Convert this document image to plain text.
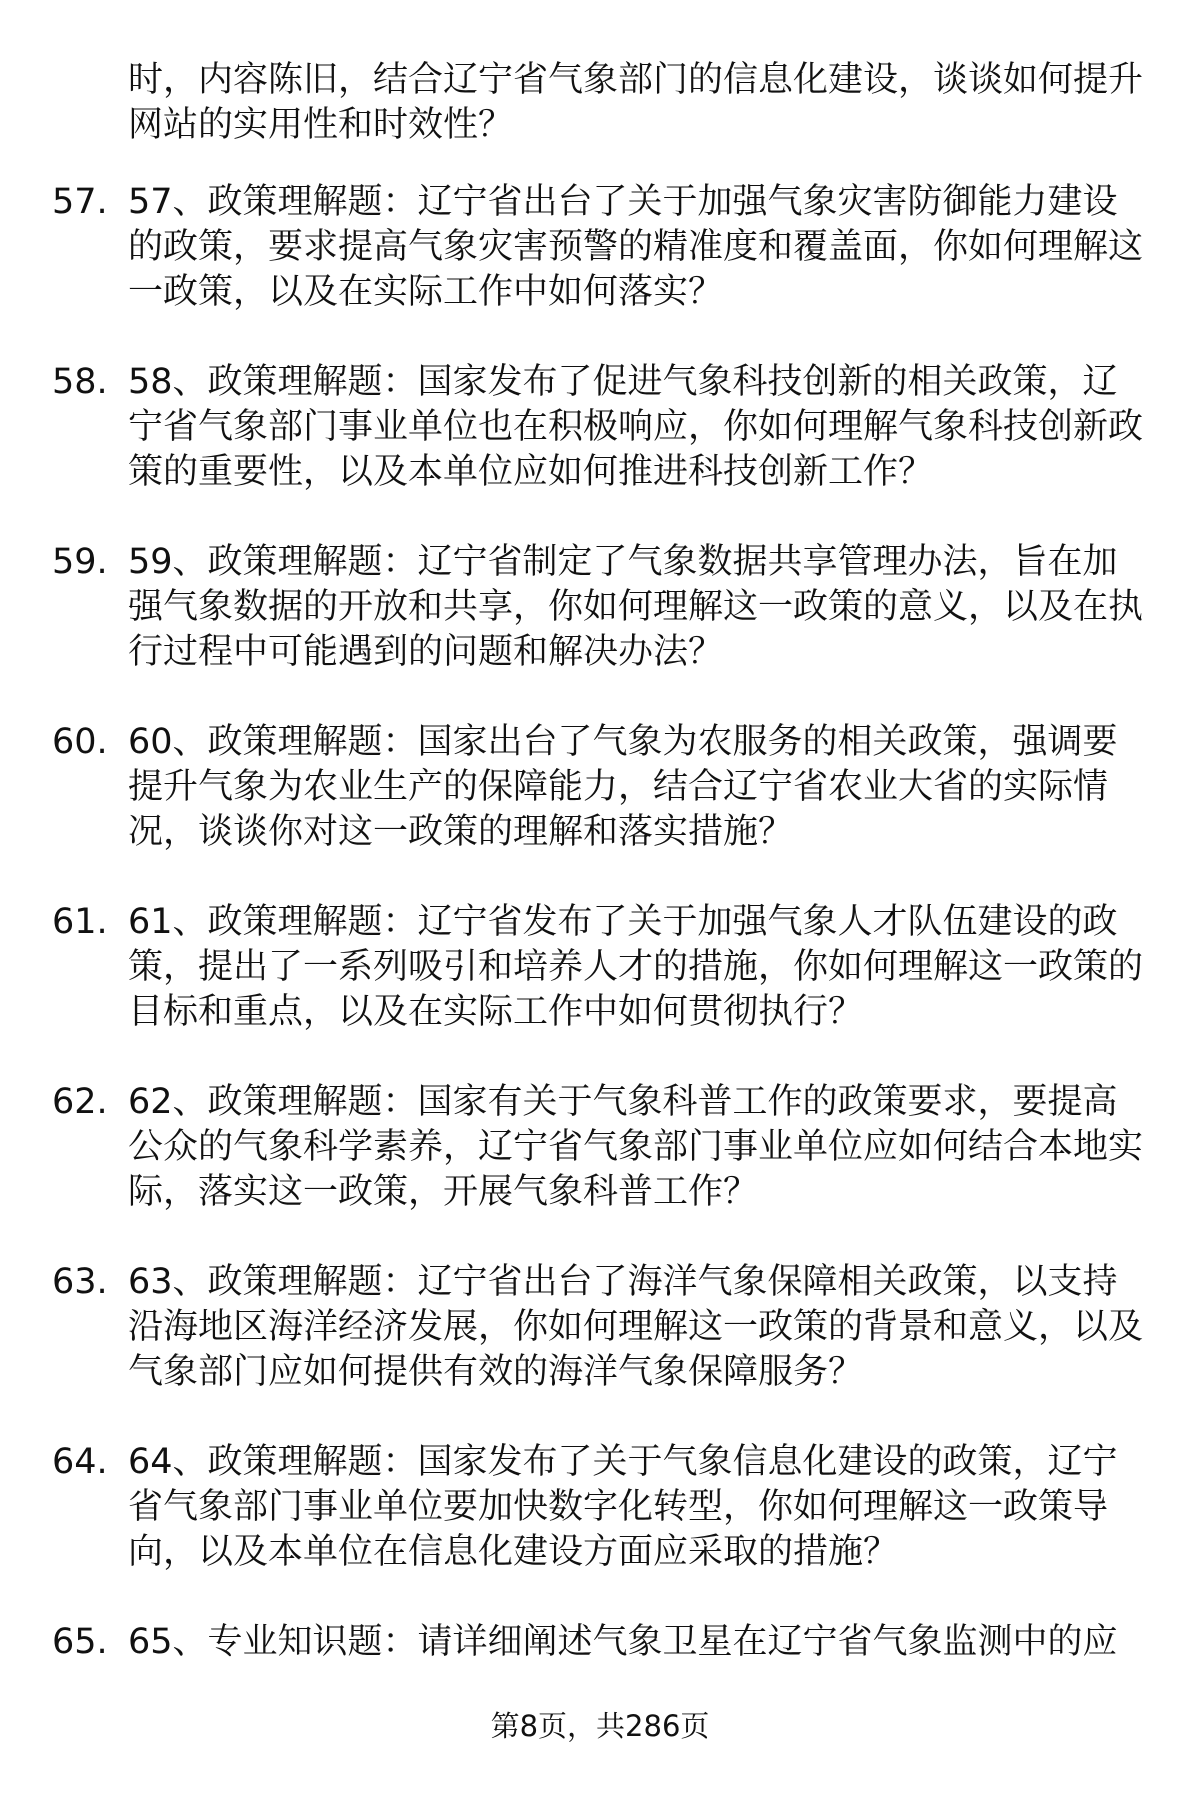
时，内容陈旧，结合辽宁省气象部门的信息化建设，谈谈如何提升网站的实用性和时效性？
57. 57、政策理解题：辽宁省出台了关于加强气象灾害防御能力建设的政策，要求提高气象灾害预警的精准度和覆盖面，你如何理解这一政策，以及在实际工作中如何落实？
58. 58、政策理解题：国家发布了促进气象科技创新的相关政策，辽宁省气象部门事业单位也在积极响应，你如何理解气象科技创新政策的重要性，以及本单位应如何推进科技创新工作？
59. 59、政策理解题：辽宁省制定了气象数据共享管理办法，旨在加强气象数据的开放和共享，你如何理解这一政策的意义，以及在执行过程中可能遇到的问题和解决办法？
60. 60、政策理解题：国家出台了气象为农服务的相关政策，强调要提升气象为农业生产的保障能力，结合辽宁省农业大省的实际情况，谈谈你对这一政策的理解和落实措施？
61. 61、政策理解题：辽宁省发布了关于加强气象人才队伍建设的政策，提出了一系列吸引和培养人才的措施，你如何理解这一政策的目标和重点，以及在实际工作中如何贯彻执行？
62. 62、政策理解题：国家有关于气象科普工作的政策要求，要提高公众的气象科学素养，辽宁省气象部门事业单位应如何结合本地实际，落实这一政策，开展气象科普工作？
63. 63、政策理解题：辽宁省出台了海洋气象保障相关政策，以支持沿海地区海洋经济发展，你如何理解这一政策的背景和意义，以及气象部门应如何提供有效的海洋气象保障服务？
64. 64、政策理解题：国家发布了关于气象信息化建设的政策，辽宁省气象部门事业单位要加快数字化转型，你如何理解这一政策导向，以及本单位在信息化建设方面应采取的措施？
65. 65、专业知识题：请详细阐述气象卫星在辽宁省气象监测中的应
第8页，共286页
